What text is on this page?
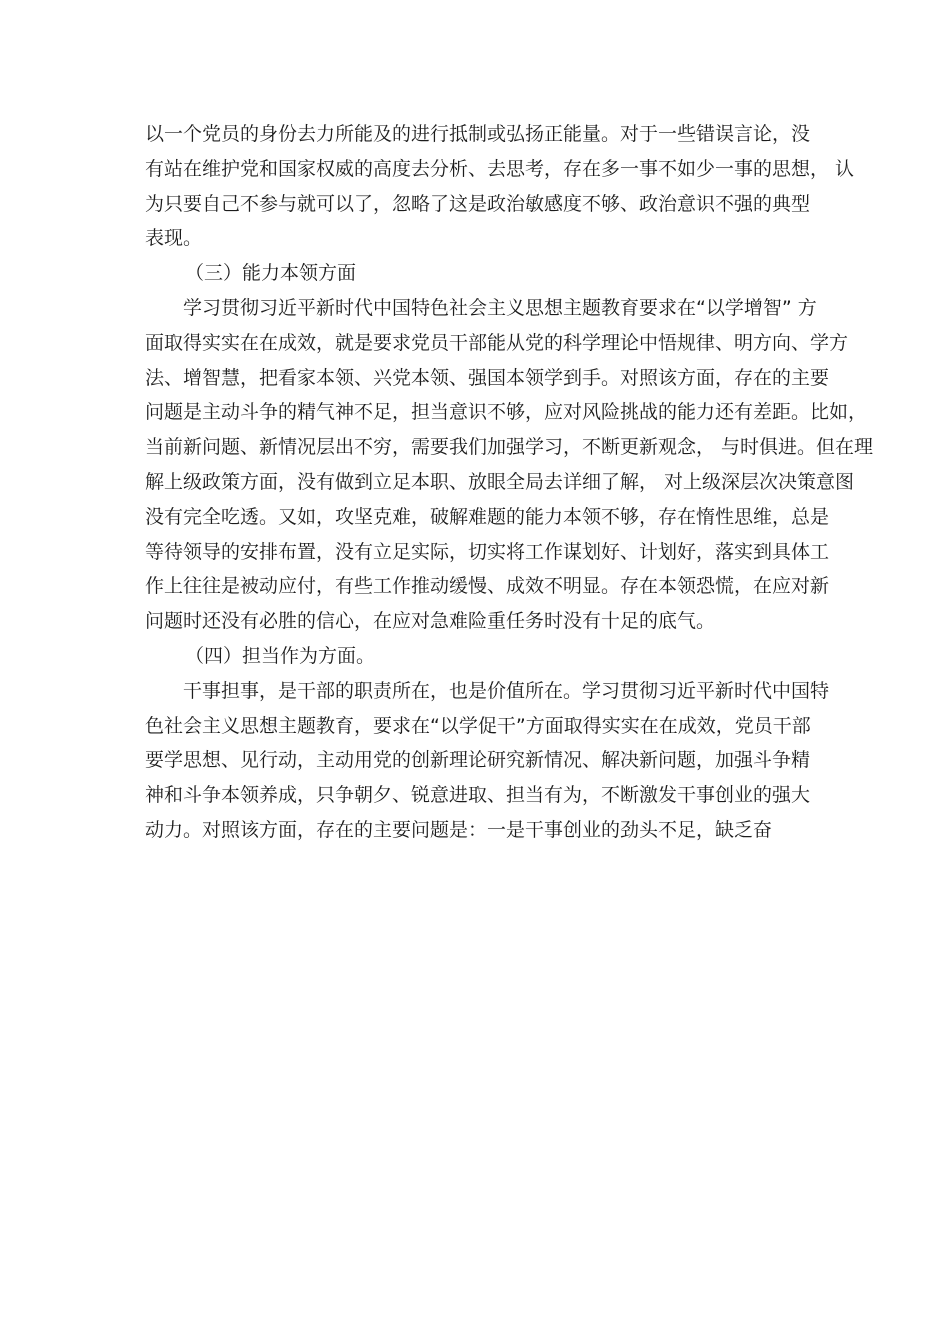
以一个党员的身份去力所能及的进行抵制或弘扬正能量。对于一些错误言论，没
有站在维护党和国家权威的高度去分析、去思考，存在多一事不如少一事的思想， 认
为只要自己不参与就可以了，忽略了这是政治敏感度不够、政治意识不强的典型
表现。
（三）能力本领方面
学习贯彻习近平新时代中国特色社会主义思想主题教育要求在“以学增智” 方
面取得实实在在成效，就是要求党员干部能从党的科学理论中悟规律、明方向、学方
法、增智慧，把看家本领、兴党本领、强国本领学到手。对照该方面，存在的主要
问题是主动斗争的精气神不足，担当意识不够，应对风险挑战的能力还有差距。比如，
当前新问题、新情况层出不穷，需要我们加强学习，不断更新观念， 与时俱进。但在理
解上级政策方面，没有做到立足本职、放眼全局去详细了解， 对上级深层次决策意图
没有完全吃透。又如，攻坚克难，破解难题的能力本领不够，存在惰性思维，总是
等待领导的安排布置，没有立足实际，切实将工作谋划好、计划好，落实到具体工
作上往往是被动应付，有些工作推动缓慢、成效不明显。存在本领恐慌，在应对新
问题时还没有必胜的信心，在应对急难险重任务时没有十足的底气。
（四）担当作为方面。
干事担事，是干部的职责所在，也是价值所在。学习贯彻习近平新时代中国特
色社会主义思想主题教育，要求在“以学促干”方面取得实实在在成效，党员干部
要学思想、见行动，主动用党的创新理论研究新情况、解决新问题，加强斗争精
神和斗争本领养成，只争朝夕、锐意进取、担当有为，不断激发干事创业的强大
动力。对照该方面，存在的主要问题是：一是干事创业的劲头不足，缺乏奋
